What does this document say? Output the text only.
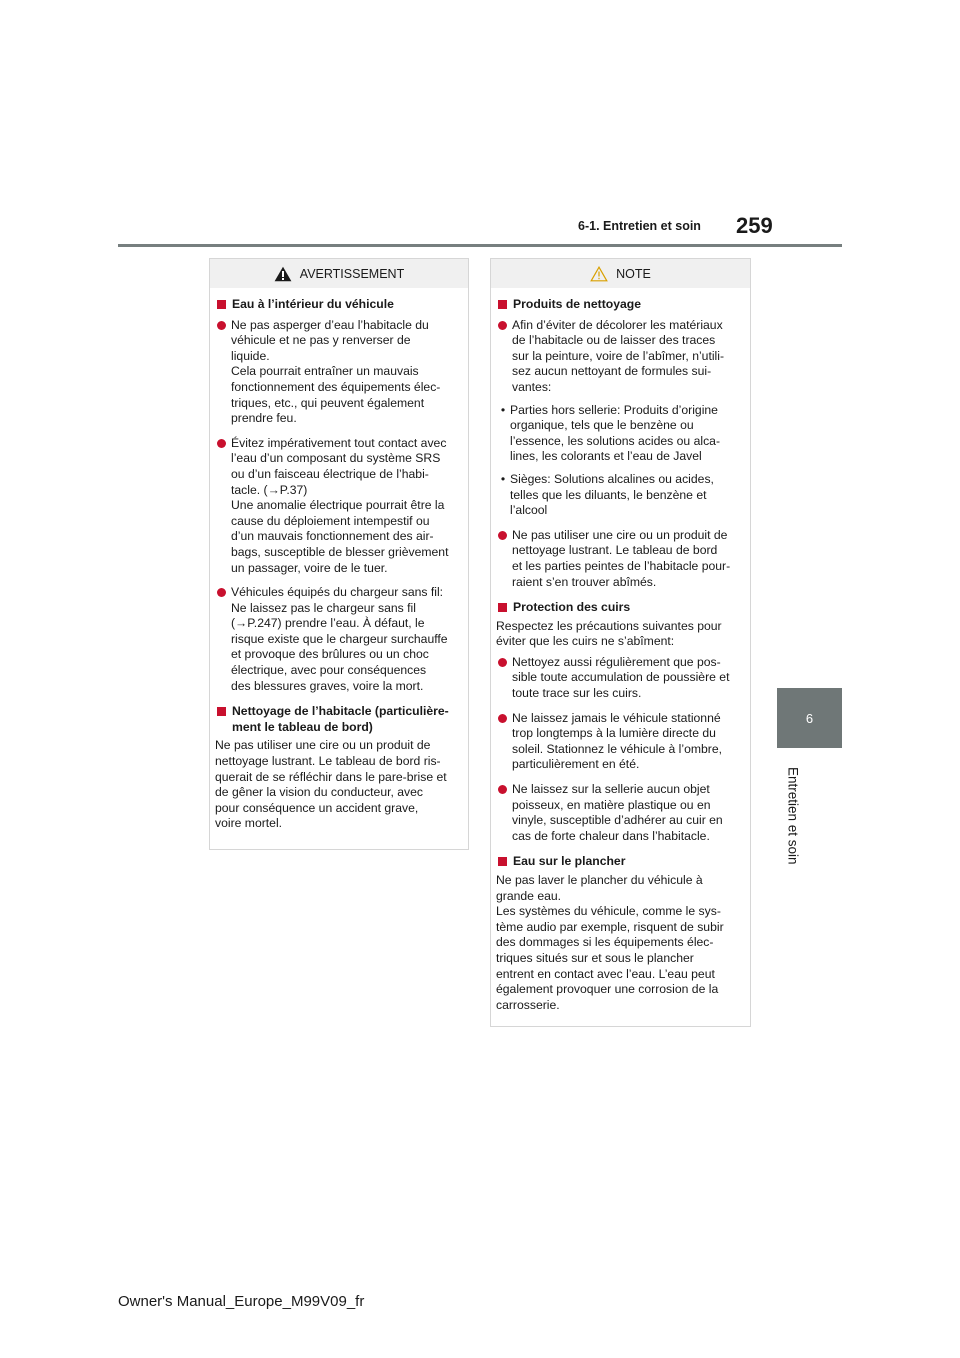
6-1. Entretien et soin 259
6
Entretien et soin
AVERTISSEMENT
Eau à l’intérieur du véhicule
Ne pas asperger d’eau l’habitacle du
véhicule et ne pas y renverser de
liquide.
Cela pourrait entraîner un mauvais
fonctionnement des équipements élec-
triques, etc., qui peuvent également
prendre feu.
Évitez impérativement tout contact avec
l’eau d’un composant du système SRS
ou d’un faisceau électrique de l’habi-
tacle. (→P.37)
Une anomalie électrique pourrait être la
cause du déploiement intempestif ou
d’un mauvais fonctionnement des air-
bags, susceptible de blesser grièvement
un passager, voire de le tuer.
Véhicules équipés du chargeur sans fil:
Ne laissez pas le chargeur sans fil
(→P.247) prendre l’eau. À défaut, le
risque existe que le chargeur surchauffe
et provoque des brûlures ou un choc
électrique, avec pour conséquences
des blessures graves, voire la mort.
Nettoyage de l’habitacle (particulière-
ment le tableau de bord)
Ne pas utiliser une cire ou un produit de
nettoyage lustrant. Le tableau de bord ris-
querait de se réfléchir dans le pare-brise et
de gêner la vision du conducteur, avec
pour conséquence un accident grave,
voire mortel.
NOTE
Produits de nettoyage
Afin d’éviter de décolorer les matériaux
de l’habitacle ou de laisser des traces
sur la peinture, voire de l’abîmer, n’utili-
sez aucun nettoyant de formules sui-
vantes:
• Parties hors sellerie: Produits d’origine
organique, tels que le benzène ou
l’essence, les solutions acides ou alca-
lines, les colorants et l’eau de Javel
• Sièges: Solutions alcalines ou acides,
telles que les diluants, le benzène et
l’alcool
Ne pas utiliser une cire ou un produit de
nettoyage lustrant. Le tableau de bord
et les parties peintes de l’habitacle pour-
raient s’en trouver abîmés.
Protection des cuirs
Respectez les précautions suivantes pour
éviter que les cuirs ne s’abîment:
Nettoyez aussi régulièrement que pos-
sible toute accumulation de poussière et
toute trace sur les cuirs.
Ne laissez jamais le véhicule stationné
trop longtemps à la lumière directe du
soleil. Stationnez le véhicule à l’ombre,
particulièrement en été.
Ne laissez sur la sellerie aucun objet
poisseux, en matière plastique ou en
vinyle, susceptible d’adhérer au cuir en
cas de forte chaleur dans l’habitacle.
Eau sur le plancher
Ne pas laver le plancher du véhicule à
grande eau.
Les systèmes du véhicule, comme le sys-
tème audio par exemple, risquent de subir
des dommages si les équipements élec-
triques situés sur et sous le plancher
entrent en contact avec l’eau. L’eau peut
également provoquer une corrosion de la
carrosserie.
Owner's Manual_Europe_M99V09_fr
